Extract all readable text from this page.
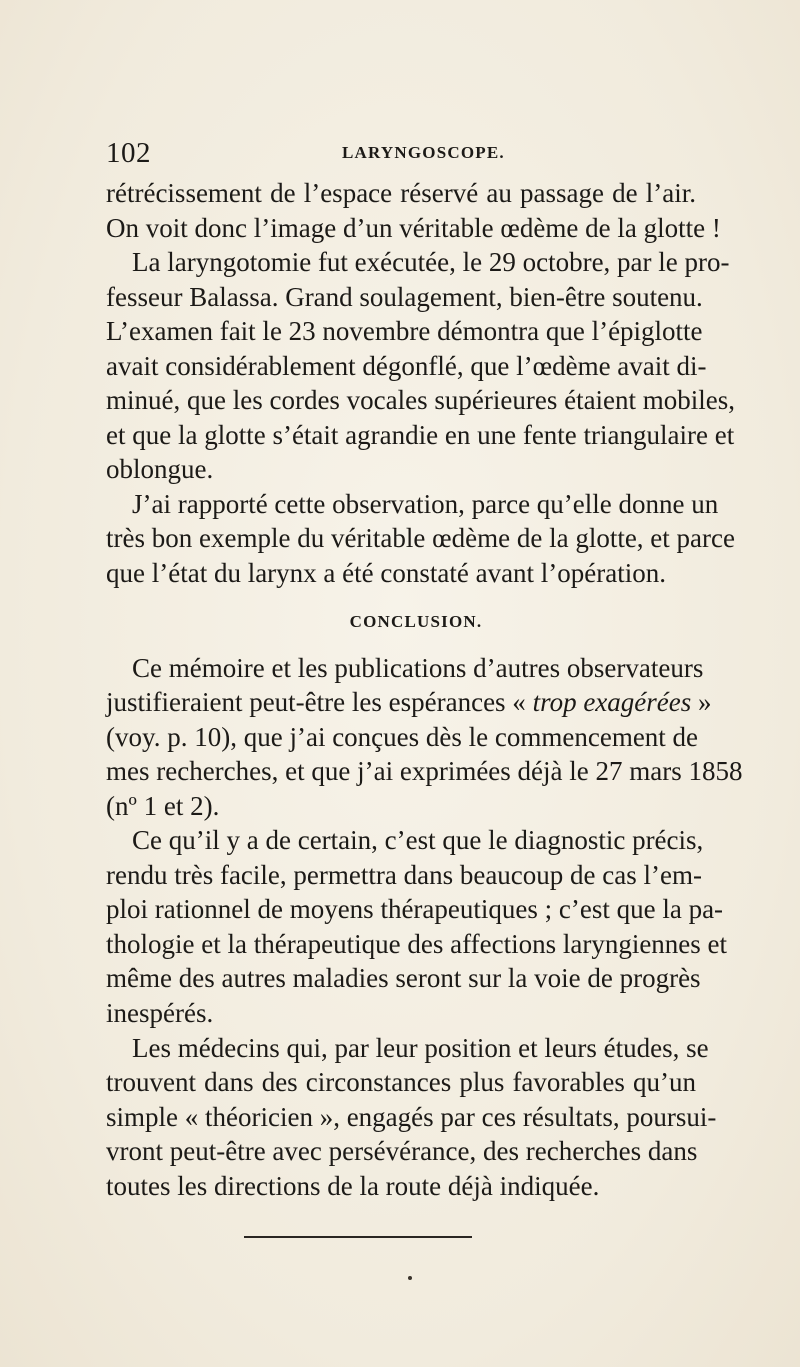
102	LARYNGOSCOPE.
rétrécissement de l’espace réservé au passage de l’air.
On voit donc l’image d’un véritable œdème de la glotte !
La laryngotomie fut exécutée, le 29 octobre, par le pro-
fesseur Balassa. Grand soulagement, bien-être soutenu.
L’examen fait le 23 novembre démontra que l’épiglotte
avait considérablement dégonflé, que l’œdème avait di-
minué, que les cordes vocales supérieures étaient mobiles,
et que la glotte s’était agrandie en une fente triangulaire et
oblongue.
J’ai rapporté cette observation, parce qu’elle donne un
très bon exemple du véritable œdème de la glotte, et parce
que l’état du larynx a été constaté avant l’opération.
CONCLUSION.
Ce mémoire et les publications d’autres observateurs
justifieraient peut-être les espérances « trop exagérées »
(voy. p. 10), que j’ai conçues dès le commencement de
mes recherches, et que j’ai exprimées déjà le 27 mars 1858
(nº 1 et 2).
Ce qu’il y a de certain, c’est que le diagnostic précis,
rendu très facile, permettra dans beaucoup de cas l’em-
ploi rationnel de moyens thérapeutiques ; c’est que la pa-
thologie et la thérapeutique des affections laryngiennes et
même des autres maladies seront sur la voie de progrès
inespérés.
Les médecins qui, par leur position et leurs études, se
trouvent dans des circonstances plus favorables qu’un
simple « théoricien », engagés par ces résultats, poursui-
vront peut-être avec persévérance, des recherches dans
toutes les directions de la route déjà indiquée.
